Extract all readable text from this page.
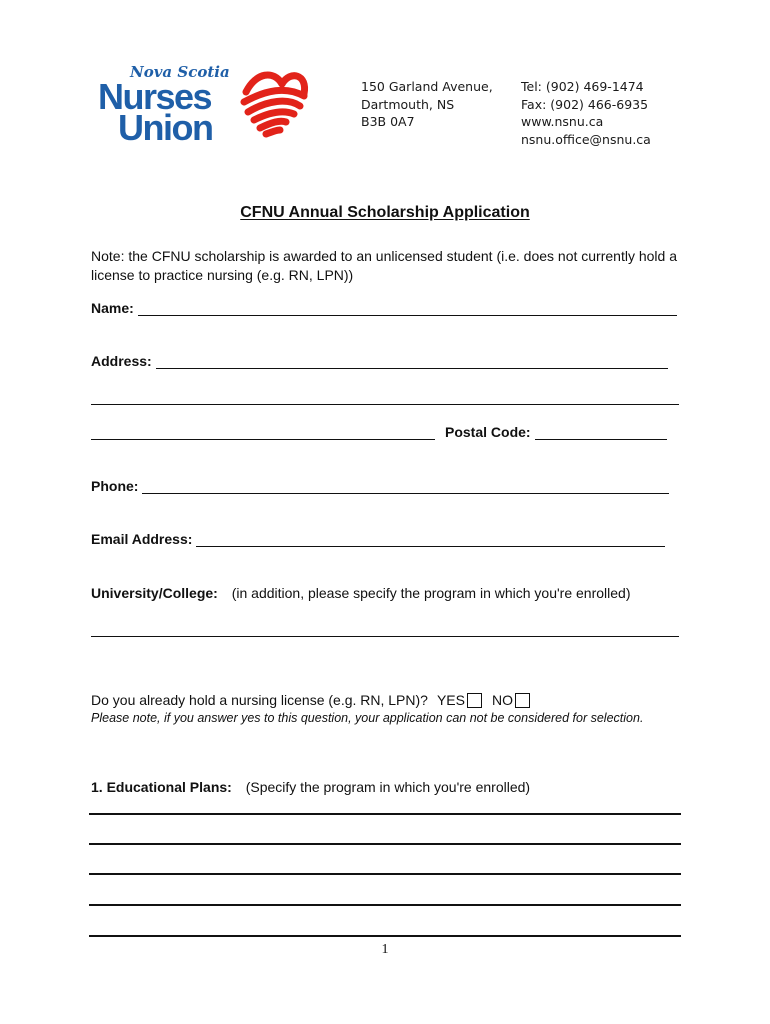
Nova Scotia
Nurses
Union
150 Garland Avenue,
Dartmouth, NS
B3B 0A7
Tel: (902) 469-1474
Fax: (902) 466-6935
www.nsnu.ca
nsnu.office@nsnu.ca
CFNU Annual Scholarship Application
Note: the CFNU scholarship is awarded to an unlicensed student (i.e. does not currently hold a license to practice nursing (e.g. RN, LPN))
Name:
Address:
Postal Code:
Phone:
Email Address:
University/College: (in addition, please specify the program in which you're enrolled)
Do you already hold a nursing license (e.g. RN, LPN)? YES NO
Please note, if you answer yes to this question, your application can not be considered for selection.
1. Educational Plans: (Specify the program in which you're enrolled)
1
